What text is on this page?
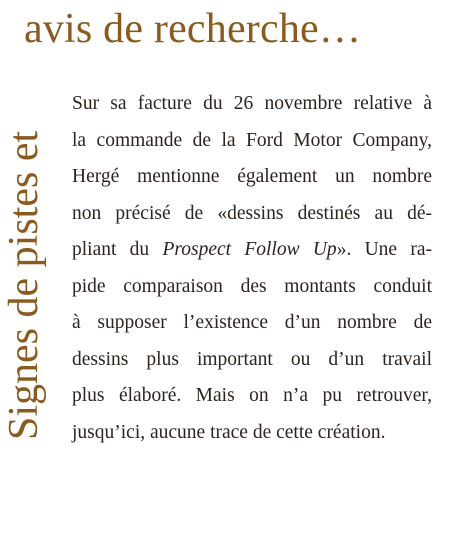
Signes de pistes et
avis de recherche…
Sur sa facture du 26 novembre relative à
la commande de la Ford Motor Company,
Hergé mentionne également un nombre
non précisé de «dessins destinés au dé-
pliant du Prospect Follow Up». Une ra-
pide comparaison des montants conduit
à supposer l’existence d’un nombre de
dessins plus important ou d’un travail
plus élaboré. Mais on n’a pu retrouver,
jusqu’ici, aucune trace de cette création.
